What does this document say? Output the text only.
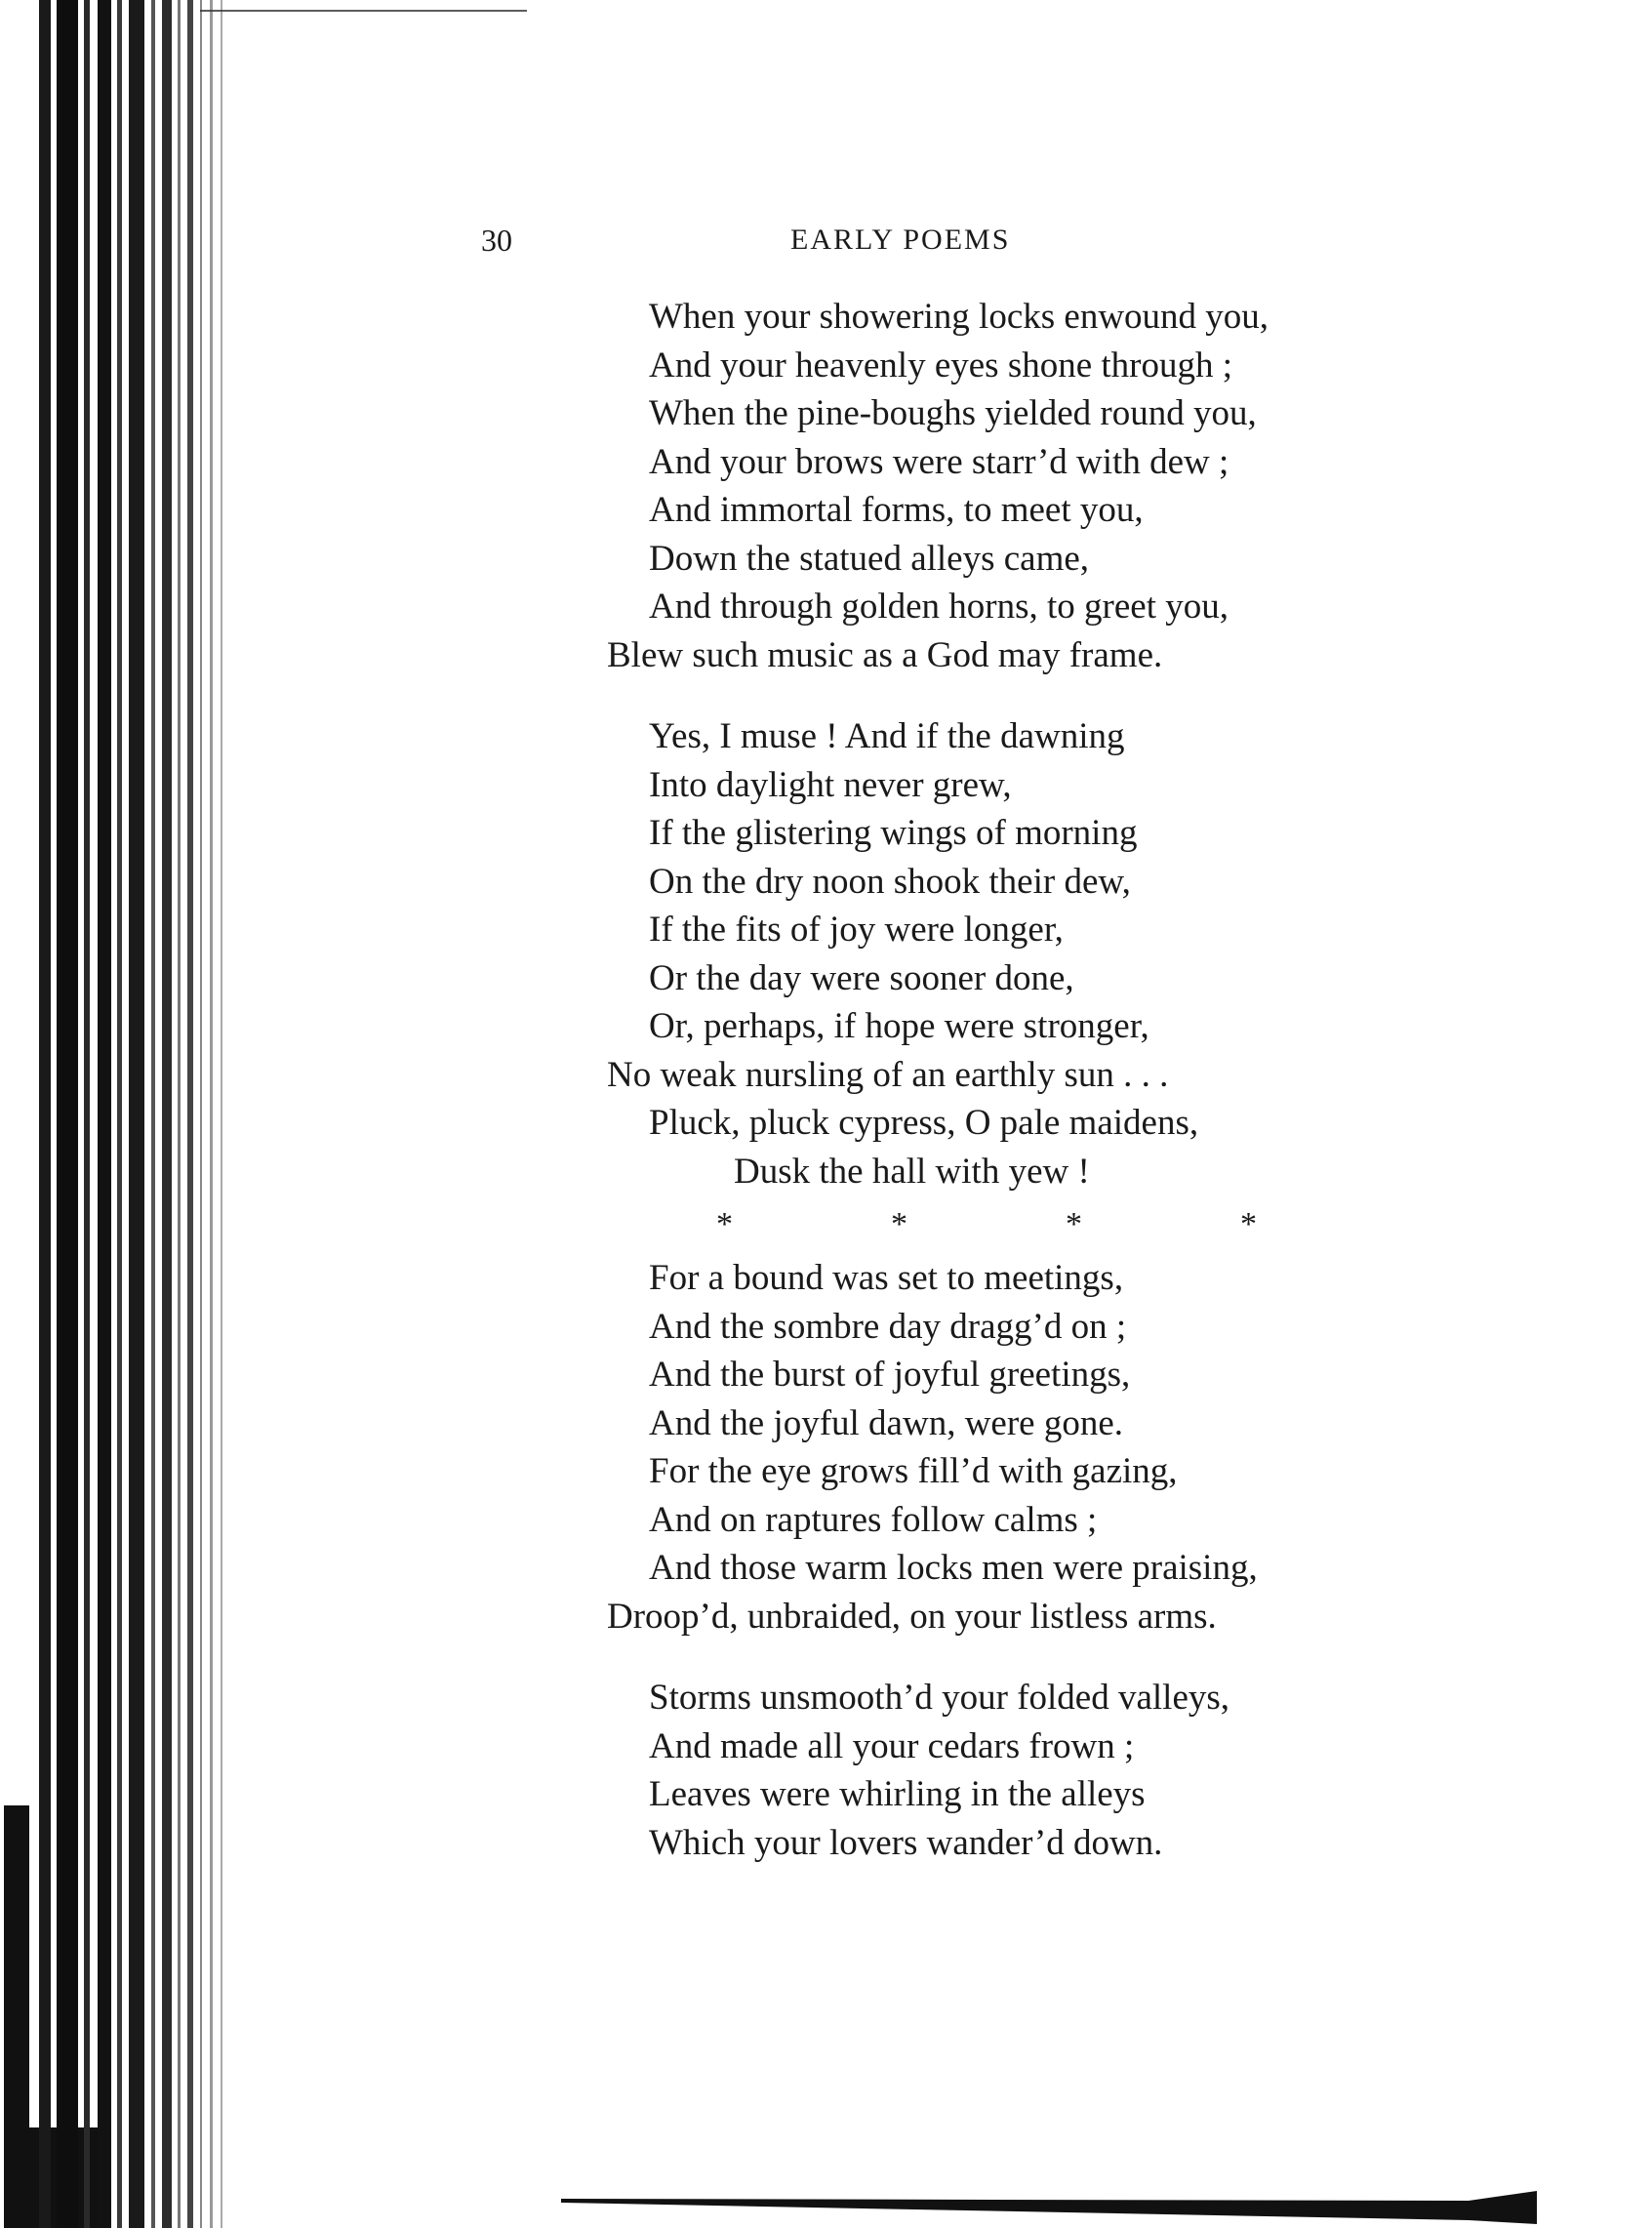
30	EARLY POEMS

When your showering locks enwound you,
And your heavenly eyes shone through ;
When the pine-boughs yielded round you,
And your brows were starr’d with dew ;
And immortal forms, to meet you,
Down the statued alleys came,
And through golden horns, to greet you,
Blew such music as a God may frame.
Yes, I muse ! And if the dawning
Into daylight never grew,
If the glistering wings of morning
On the dry noon shook their dew,
If the fits of joy were longer,
Or the day were sooner done,
Or, perhaps, if hope were stronger,
No weak nursling of an earthly sun . . .
Pluck, pluck cypress, O pale maidens,
Dusk the hall with yew !
*	*	*	*
For a bound was set to meetings,
And the sombre day dragg’d on ;
And the burst of joyful greetings,
And the joyful dawn, were gone.
For the eye grows fill’d with gazing,
And on raptures follow calms ;
And those warm locks men were praising,
Droop’d, unbraided, on your listless arms.
Storms unsmooth’d your folded valleys,
And made all your cedars frown ;
Leaves were whirling in the alleys
Which your lovers wander’d down.
